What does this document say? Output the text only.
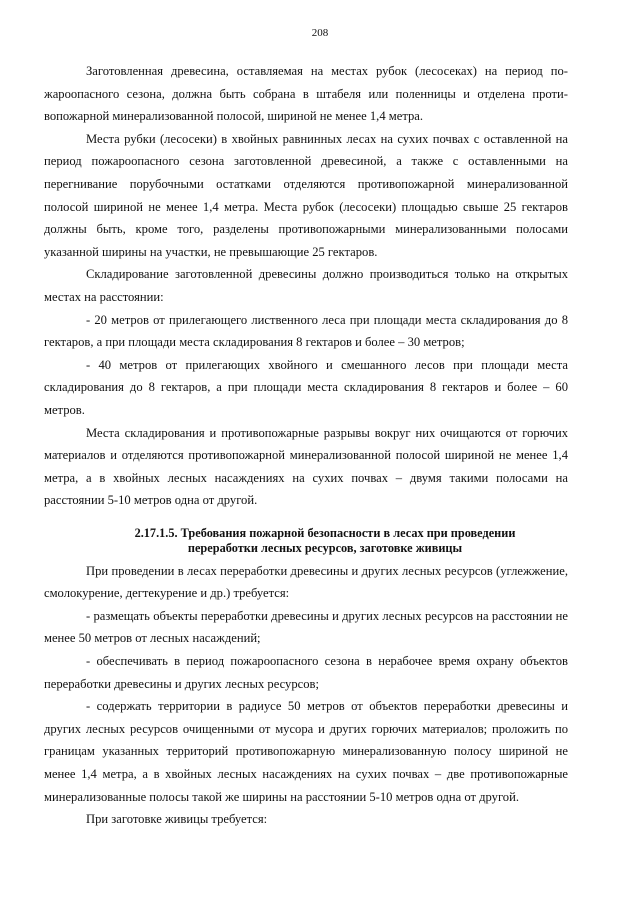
208

Заготовленная древесина, оставляемая на местах рубок (лесосеках) на период пожароопасного сезона, должна быть собрана в штабеля или поленницы и отделена противопожарной минерализованной полосой, шириной не менее 1,4 метра.

Места рубки (лесосеки) в хвойных равнинных лесах на сухих почвах с оставленной на период пожароопасного сезона заготовленной древесиной, а также с оставленными на перегнивание порубочными остатками отделяются противопожарной минерализованной полосой шириной не менее 1,4 метра. Места рубок (лесосеки) площадью свыше 25 гектаров должны быть, кроме того, разделены противопожарными минерализованными полосами указанной ширины на участки, не превышающие 25 гектаров.

Складирование заготовленной древесины должно производиться только на открытых местах на расстоянии:

- 20 метров от прилегающего лиственного леса при площади места складирования до 8 гектаров, а при площади места складирования 8 гектаров и более – 30 метров;

- 40 метров от прилегающих хвойного и смешанного лесов при площади места складирования до 8 гектаров, а при площади места складирования 8 гектаров и более – 60 метров.

Места складирования и противопожарные разрывы вокруг них очищаются от горючих материалов и отделяются противопожарной минерализованной полосой шириной не менее 1,4 метра, а в хвойных лесных насаждениях на сухих почвах – двумя такими полосами на расстоянии 5-10 метров одна от другой.

2.17.1.5. Требования пожарной безопасности в лесах при проведении
переработки лесных ресурсов, заготовке живицы

При проведении в лесах переработки древесины и других лесных ресурсов (углежжение, смолокурение, дегтекурение и др.) требуется:

- размещать объекты переработки древесины и других лесных ресурсов на расстоянии не менее 50 метров от лесных насаждений;

- обеспечивать в период пожароопасного сезона в нерабочее время охрану объектов переработки древесины и других лесных ресурсов;

- содержать территории в радиусе 50 метров от объектов переработки древесины и других лесных ресурсов очищенными от мусора и других горючих материалов; проложить по границам указанных территорий противопожарную минерализованную полосу шириной не менее 1,4 метра, а в хвойных лесных насаждениях на сухих почвах – две противопожарные минерализованные полосы такой же ширины на расстоянии 5-10 метров одна от другой.

При заготовке живицы требуется:
